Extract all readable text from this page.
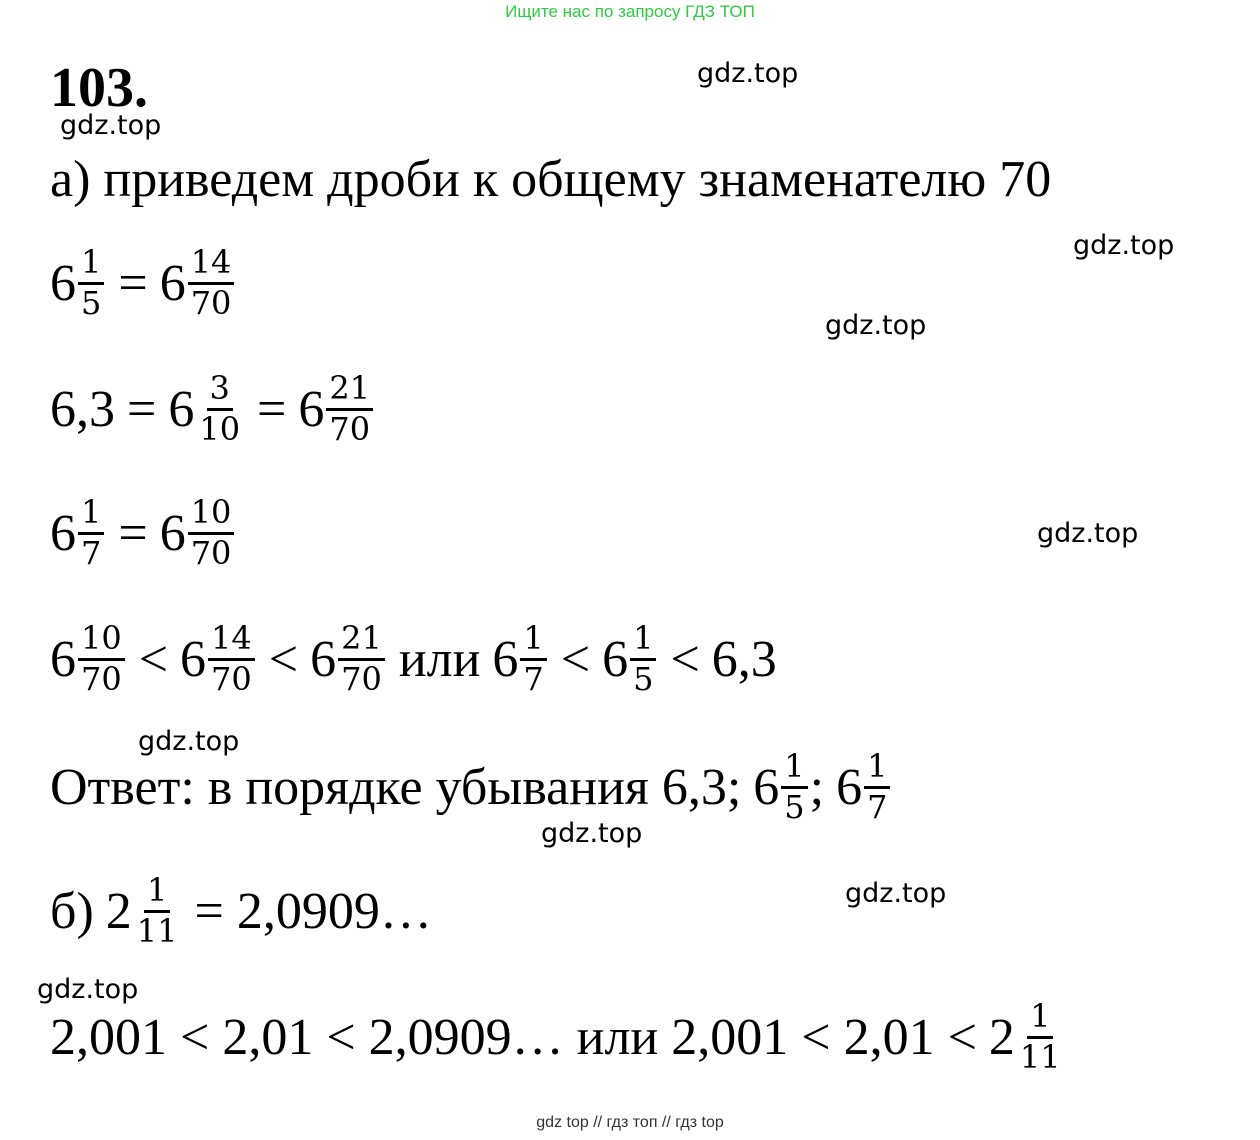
Ищите нас по запросу ГДЗ ТОП
103.	gdz.top
gdz.top
gdz.top
gdz.top
gdz.top
gdz.top
gdz.top
gdz.top
gdz.top
а) приведем дроби к общему знаменателю 70
$6 \frac{1}{5} = 6 \frac{14}{70}$
$6,3 = 6 \frac{3}{10} = 6 \frac{21}{70}$
$6 \frac{1}{7} = 6 \frac{10}{70}$
$6 \frac{10}{70} < 6 \frac{14}{70} < 6 \frac{21}{70}$ или $6 \frac{1}{7} < 6 \frac{1}{5} < 6,3$
Ответ: в порядке убывания 6,3; $6 \frac{1}{5}$ ; $6 \frac{1}{7}$
б) $2 \frac{1}{11}$ = 2,0909…
2,001 < 2,01 < 2,0909… или $2,001 < 2,01 < 2 \frac{1}{11}$
gdz top // гдз топ // гдз top
